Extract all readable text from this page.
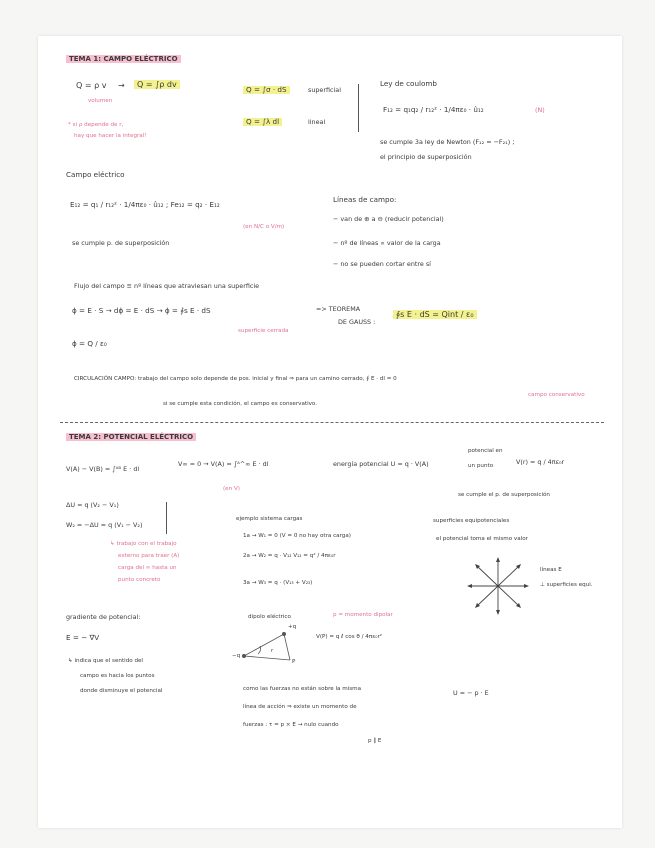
TEMA 1: CAMPO ELÉCTRICO
Q = ρ v →	Q = ∫ρ dv
volumen
* si ρ depende de r,
hay que hacer la integral!
Q = ∫σ · dS	superficial
Q = ∫λ dl	lineal
Ley de coulomb
F₁₂ = q₁q₂ / r₁₂² · 1/4πε₀ · û₁₂	(N)
se cumple 3a ley de Newton (F₁₂ = −F₂₁) ;
el principio de superposición
Campo eléctrico
E₁₂ = q₁ / r₁₂² · 1/4πε₀ · û₁₂ ; Fe₁₂ = q₂ · E₁₂
(en N/C o V/m)
se cumple p. de superposición
Líneas de campo:
− van de ⊕ a ⊖ (reducir potencial)
− nº de líneas ∝ valor de la carga
− no se pueden cortar entre sí
Flujo del campo ≡ nº líneas que atraviesan una superficie
ϕ = E · S → dϕ = E · dS → ϕ = ∮s E · dS
superficie cerrada
ϕ = Q / ε₀
=> TEOREMA
DE GAUSS :
∮s E · dS = Qint / ε₀
CIRCULACIÓN CAMPO: trabajo del campo solo depende de pos. inicial y final ⇒ para un camino cerrado, ∮ E · dl = 0
si se cumple esta condición, el campo es conservativo.
campo conservativo
TEMA 2: POTENCIAL ELÉCTRICO
V(A) − V(B) = ∫ᴬᴮ E · dl
V∞ = 0 → V(A) = ∫ᴬ^∞ E · dl
(en V)
energía potencial U = q · V(A)
potencial en
un punto	V(r) = q / 4πε₀r
se cumple el p. de superposición
ΔU = q (V₂ − V₁)
W₂ = −ΔU = q (V₁ − V₂)
↳ trabajo con el trabajo
externo para traer (A)
carga del ∞ hasta un
punto concreto
ejemplo sistema cargas
1a → W₁ = 0 (V = 0 no hay otra carga)
2a → W₂ = q · V₁₂ V₁₂ = q² / 4πε₀r
3a → W₃ = q · (V₁₃ + V₂₃)
superficies equipotenciales
el potencial toma el mismo valor
líneas E
⊥ superficies equi.
gradiente de potencial:
E = − ∇V
↳ indica que el sentido del
campo es hacia los puntos
donde disminuye el potencial
dipolo eléctrico	p = momento dipolar
+q
−q
P
r
V(P) = q ℓ cos θ / 4πε₀r²
como las fuerzas no están sobre la misma
línea de acción ⇒ existe un momento de
fuerzas : τ = p × E → nulo cuando
p ∥ E
U = − p · E
